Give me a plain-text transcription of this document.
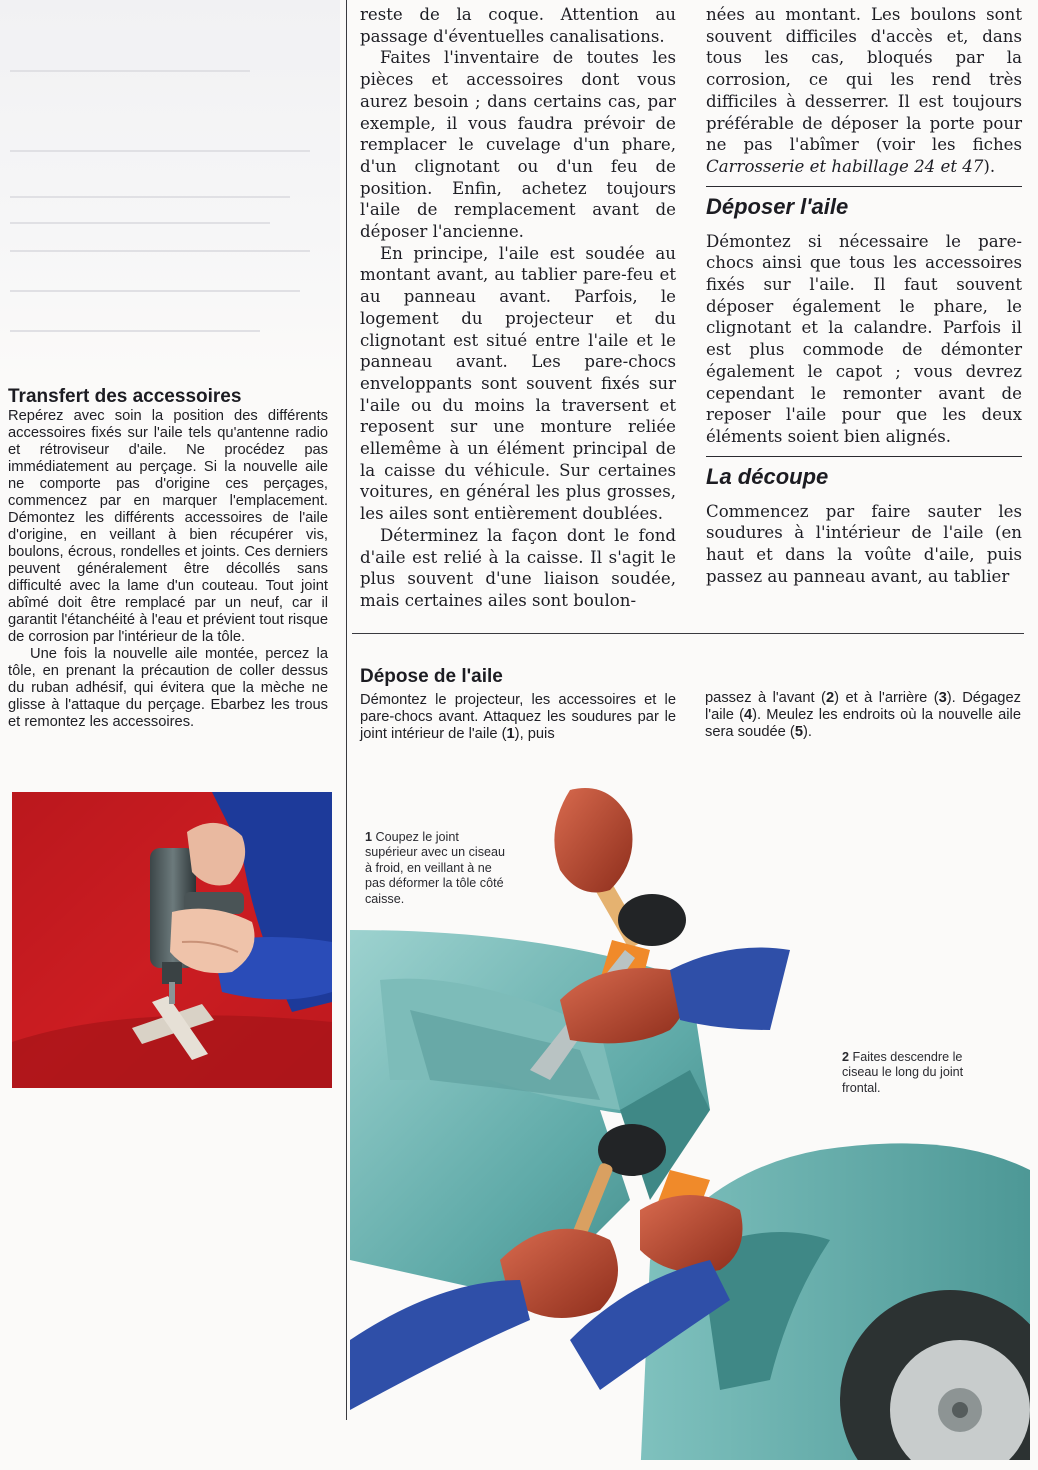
reste de la coque. Attention au passage d'éventuelles canalisations.

Faites l'inventaire de toutes les pièces et accessoires dont vous aurez besoin ; dans certains cas, par exemple, il vous faudra prévoir de remplacer le cuvelage d'un phare, d'un clignotant ou d'un feu de position. Enfin, achetez toujours l'aile de remplacement avant de déposer l'ancienne.

En principe, l'aile est soudée au montant avant, au tablier pare-feu et au panneau avant. Parfois, le logement du projecteur et du clignotant est situé entre l'aile et le panneau avant. Les pare-chocs enveloppants sont souvent fixés sur l'aile ou du moins la traversent et reposent sur une monture reliée ellemême à un élément principal de la caisse du véhicule. Sur certaines voitures, en général les plus grosses, les ailes sont entièrement doublées.

Déterminez la façon dont le fond d'aile est relié à la caisse. Il s'agit le plus souvent d'une liaison soudée, mais certaines ailes sont boulon-

nées au montant. Les boulons sont souvent difficiles d'accès et, dans tous les cas, bloqués par la corrosion, ce qui les rend très difficiles à desserrer. Il est toujours préférable de déposer la porte pour ne pas l'abîmer (voir les fiches Carrosserie et habillage 24 et 47).

Déposer l'aile

Démontez si nécessaire le pare-chocs ainsi que tous les accessoires fixés sur l'aile. Il faut souvent déposer également le phare, le clignotant et la calandre. Parfois il est plus commode de démonter également le capot ; vous devrez cependant le remonter avant de reposer l'aile pour que les deux éléments soient bien alignés.

La découpe

Commencez par faire sauter les soudures à l'intérieur de l'aile (en haut et dans la voûte d'aile, puis passez au panneau avant, au tablier

Transfert des accessoires

Repérez avec soin la position des différents accessoires fixés sur l'aile tels qu'antenne radio et rétroviseur d'aile. Ne procédez pas immédiatement au perçage. Si la nouvelle aile ne comporte pas d'origine ces perçages, commencez par en marquer l'emplacement. Démontez les différents accessoires de l'aile d'origine, en veillant à bien récupérer vis, boulons, écrous, rondelles et joints. Ces derniers peuvent généralement être décollés sans difficulté avec la lame d'un couteau. Tout joint abîmé doit être remplacé par un neuf, car il garantit l'étanchéité à l'eau et prévient tout risque de corrosion par l'intérieur de la tôle.

Une fois la nouvelle aile montée, percez la tôle, en prenant la précaution de coller dessus du ruban adhésif, qui évitera que la mèche ne glisse à l'attaque du perçage. Ebarbez les trous et remontez les accessoires.

Dépose de l'aile
Démontez le projecteur, les accessoires et le pare-chocs avant. Attaquez les soudures par le joint intérieur de l'aile (1), puis
passez à l'avant (2) et à l'arrière (3). Dégagez l'aile (4). Meulez les endroits où la nouvelle aile sera soudée (5).
1 Coupez le joint supérieur avec un ciseau à froid, en veillant à ne pas déformer la tôle côté caisse.
2 Faites descendre le ciseau le long du joint frontal.
